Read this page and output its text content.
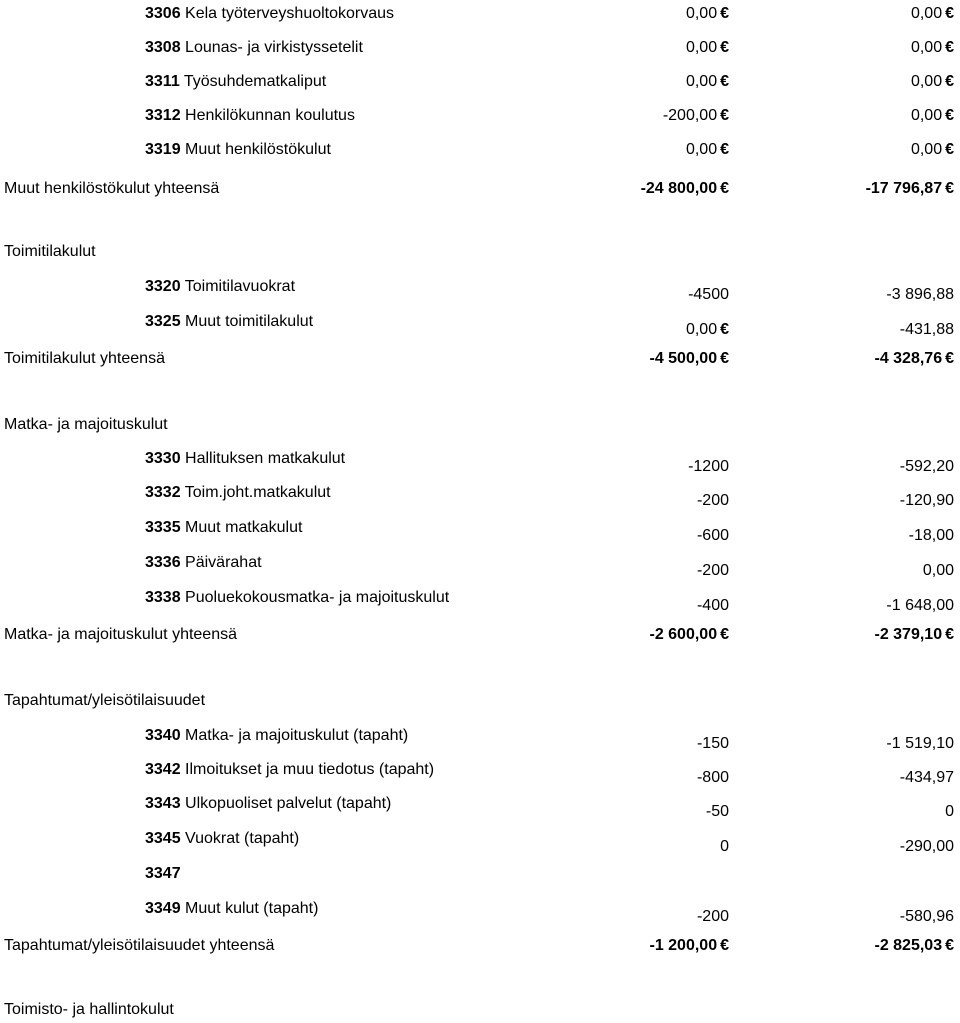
3306 Kela työterveyshuoltokorvaus	0,00 €	0,00 €
3308 Lounas- ja virkistyssetelit	0,00 €	0,00 €
3311 Työsuhdematkaliput	0,00 €	0,00 €
3312 Henkilökunnan koulutus	-200,00 €	0,00 €
3319 Muut henkilöstökulut	0,00 €	0,00 €
Muut henkilöstökulut yhteensä	-24 800,00 €	-17 796,87 €
Toimitilakulut
3320 Toimitilavuokrat	-4500	-3 896,88
3325 Muut toimitilakulut	0,00 €	-431,88
Toimitilakulut yhteensä	-4 500,00 €	-4 328,76 €
Matka- ja majoituskulut
3330 Hallituksen matkakulut	-1200	-592,20
3332 Toim.joht.matkakulut	-200	-120,90
3335 Muut matkakulut	-600	-18,00
3336 Päivärahat	-200	0,00
3338 Puoluekokousmatka- ja majoituskulut	-400	-1 648,00
Matka- ja majoituskulut yhteensä	-2 600,00 €	-2 379,10 €
Tapahtumat/yleisötilaisuudet
3340 Matka- ja majoituskulut (tapaht)	-150	-1 519,10
3342 Ilmoitukset ja muu tiedotus (tapaht)	-800	-434,97
3343 Ulkopuoliset palvelut (tapaht)	-50	0
3345 Vuokrat (tapaht)	0	-290,00
3347
3349 Muut kulut (tapaht)	-200	-580,96
Tapahtumat/yleisötilaisuudet yhteensä	-1 200,00 €	-2 825,03 €
Toimisto- ja hallintokulut
